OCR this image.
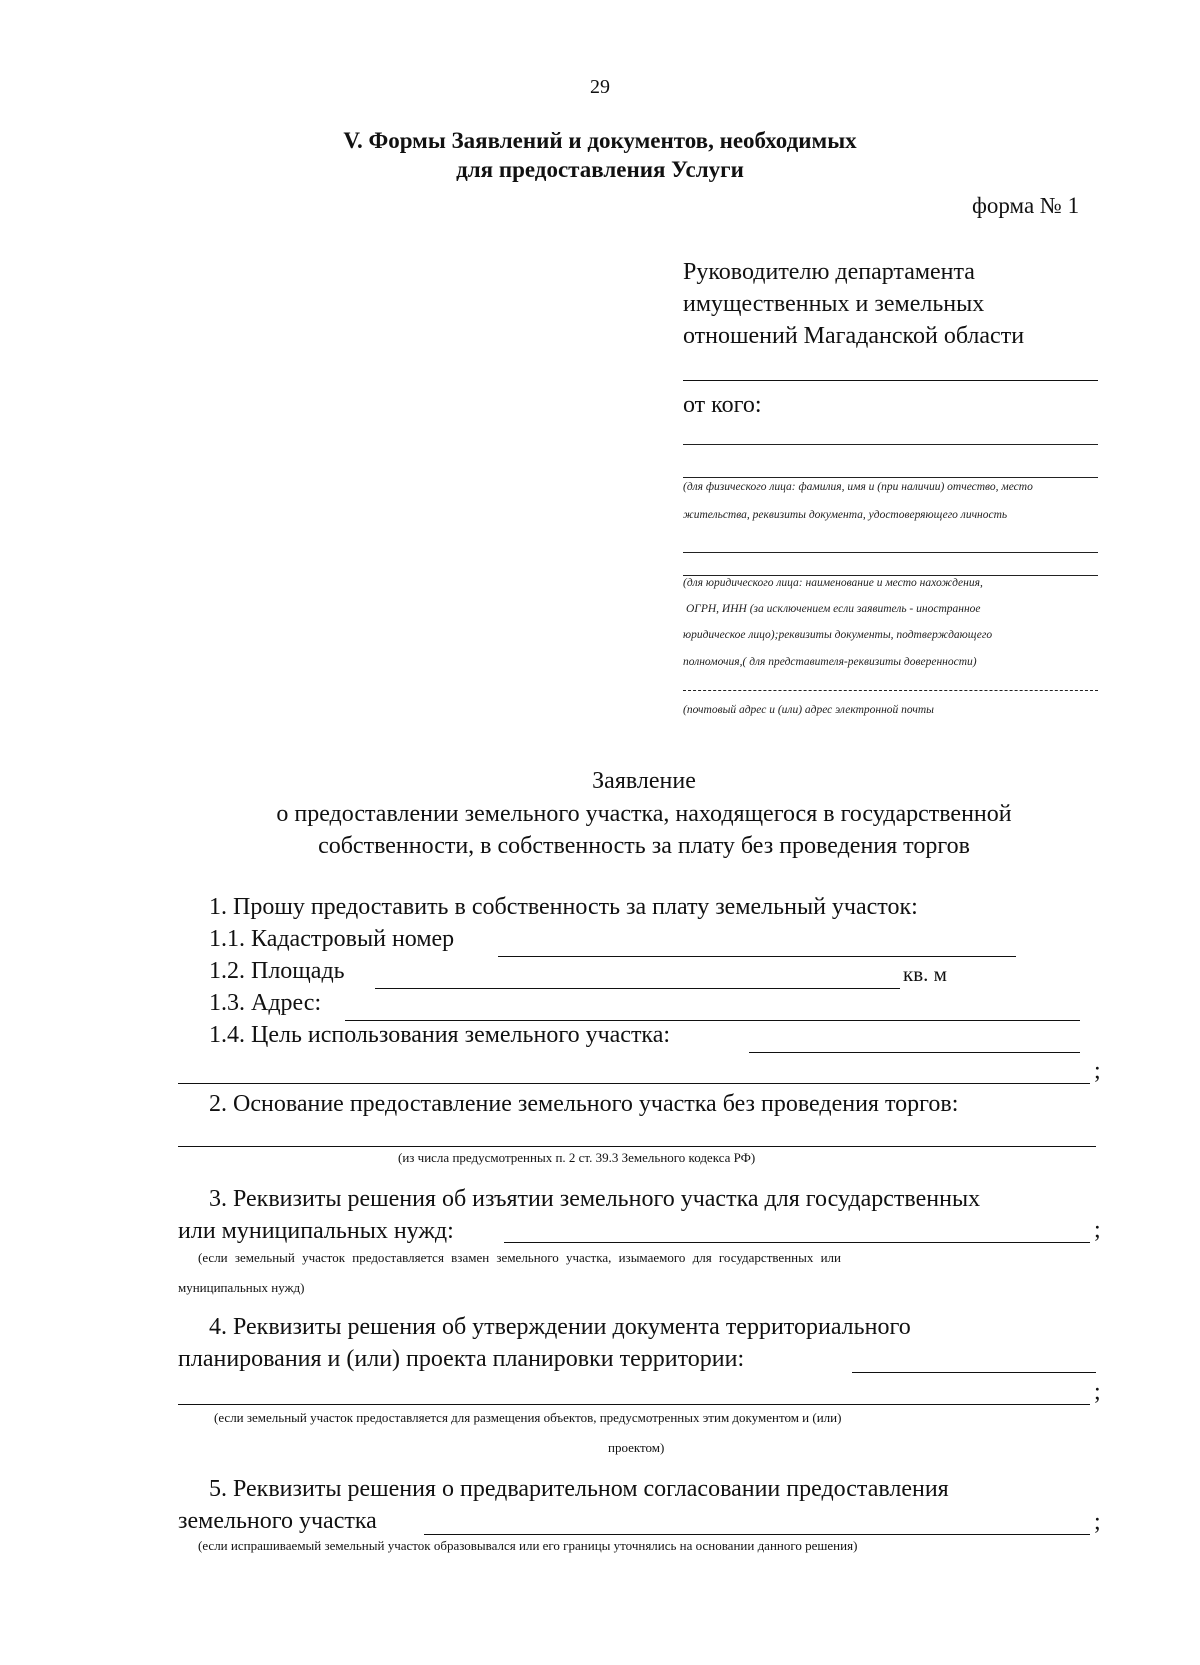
29
V. Формы Заявлений и документов, необходимых
для предоставления Услуги
форма № 1
Руководителю департамента
имущественных и земельных
отношений Магаданской области
от кого:
(для физического лица: фамилия, имя и (при наличии) отчество, место
жительства, реквизиты документа, удостоверяющего личность
(для юридического лица: наименование и место нахождения,
ОГРН, ИНН (за исключением если заявитель - иностранное
юридическое лицо);реквизиты документы, подтверждающего
полномочия,( для представителя-реквизиты доверенности)
(почтовый адрес и (или) адрес электронной почты
Заявление
о предоставлении земельного участка, находящегося в государственной
собственности, в собственность за плату без проведения торгов
1. Прошу предоставить в собственность за плату земельный участок:
1.1. Кадастровый номер
1.2. Площадь	кв. м
1.3. Адрес:
1.4. Цель использования земельного участка:
;
2. Основание предоставление земельного участка без проведения торгов:
(из числа предусмотренных п. 2 ст. 39.3 Земельного кодекса РФ)
3. Реквизиты решения об изъятии земельного участка для государственных
или муниципальных нужд:	;
(если земельный участок предоставляется взамен земельного участка, изымаемого для государственных или
муниципальных нужд)
4. Реквизиты решения об утверждении документа территориального
планирования и (или) проекта планировки территории:
;
(если земельный участок предоставляется для размещения объектов, предусмотренных этим документом и (или)
проектом)
5. Реквизиты решения о предварительном согласовании предоставления
земельного участка	;
(если испрашиваемый земельный участок образовывался или его границы уточнялись на основании данного решения)
